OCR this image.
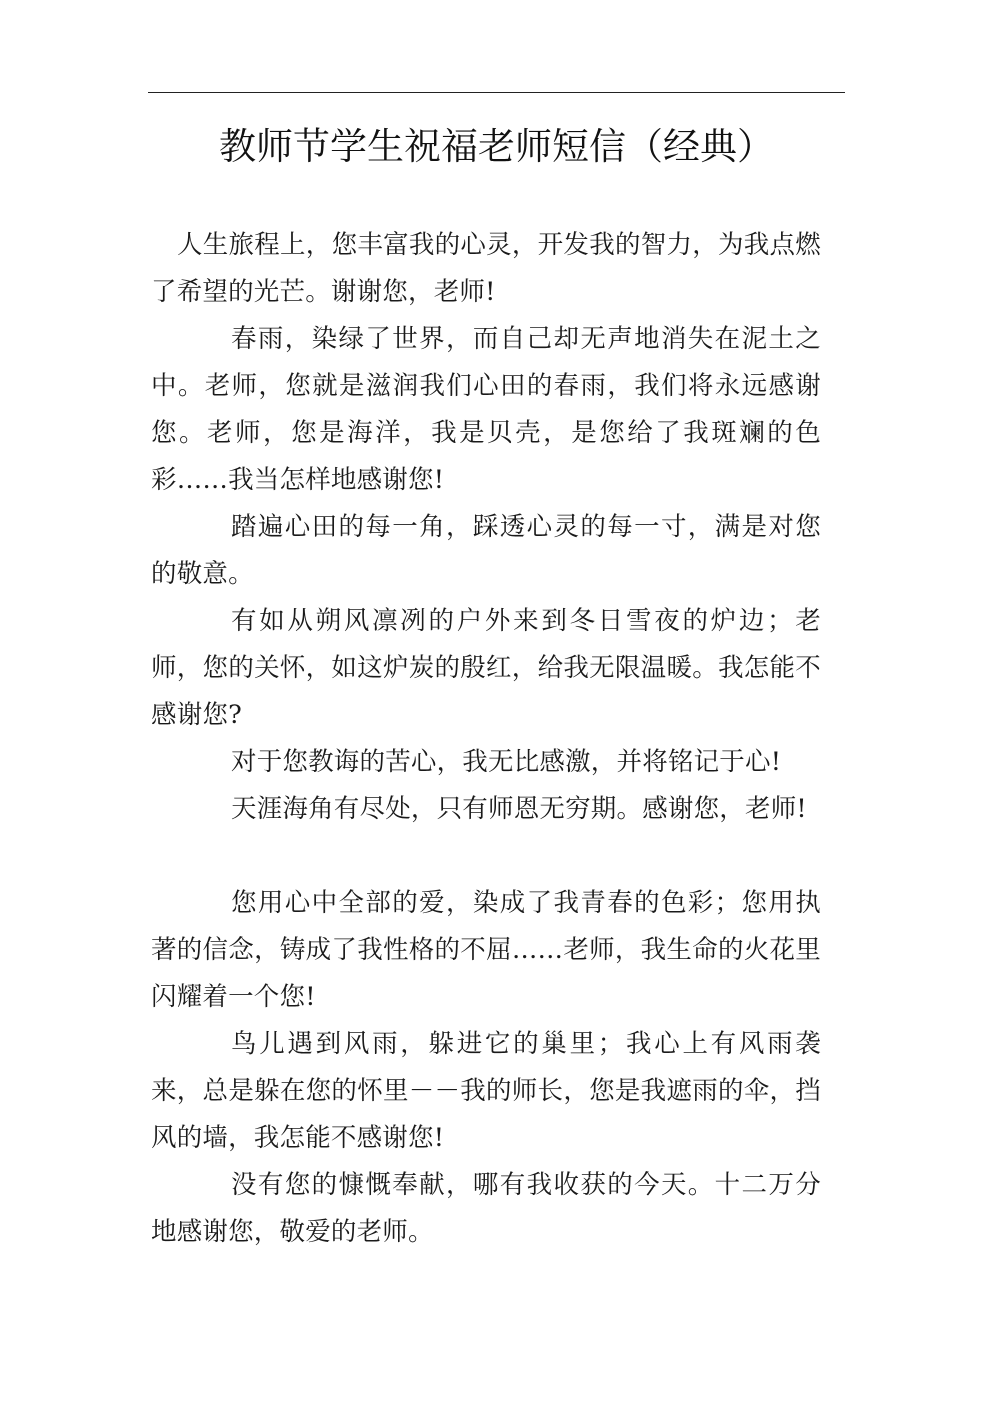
教师节学生祝福老师短信（经典）

人生旅程上，您丰富我的心灵，开发我的智力，为我点燃了希望的光芒。谢谢您，老师!

春雨，染绿了世界，而自己却无声地消失在泥土之中。老师，您就是滋润我们心田的春雨，我们将永远感谢您。老师，您是海洋，我是贝壳，是您给了我斑斓的色彩……我当怎样地感谢您!

踏遍心田的每一角，踩透心灵的每一寸，满是对您的敬意。

有如从朔风凛冽的户外来到冬日雪夜的炉边；老师，您的关怀，如这炉炭的殷红，给我无限温暖。我怎能不感谢您?

对于您教诲的苦心，我无比感激，并将铭记于心!

天涯海角有尽处，只有师恩无穷期。感谢您，老师!

您用心中全部的爱，染成了我青春的色彩；您用执著的信念，铸成了我性格的不屈……老师，我生命的火花里闪耀着一个您!

鸟儿遇到风雨，躲进它的巢里；我心上有风雨袭来，总是躲在您的怀里－－我的师长，您是我遮雨的伞，挡风的墙，我怎能不感谢您!

没有您的慷慨奉献，哪有我收获的今天。十二万分地感谢您，敬爱的老师。
